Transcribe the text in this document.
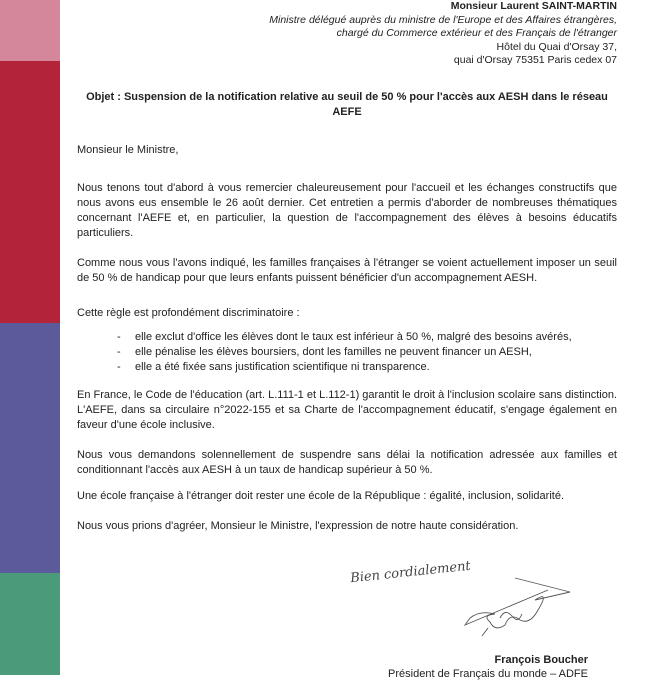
Monsieur Laurent SAINT-MARTIN
Ministre délégué auprès du ministre de l'Europe et des Affaires étrangères,
chargé du Commerce extérieur et des Français de l'étranger
Hôtel du Quai d'Orsay 37,
quai d'Orsay 75351 Paris cedex 07
Objet : Suspension de la notification relative au seuil de 50 % pour l'accès aux AESH dans le réseau AEFE
Monsieur le Ministre,
Nous tenons tout d'abord à vous remercier chaleureusement pour l'accueil et les échanges constructifs que nous avons eus ensemble le 26 août dernier. Cet entretien a permis d'aborder de nombreuses thématiques concernant l'AEFE et, en particulier, la question de l'accompagnement des élèves à besoins éducatifs particuliers.
Comme nous vous l'avons indiqué, les familles françaises à l'étranger se voient actuellement imposer un seuil de 50 % de handicap pour que leurs enfants puissent bénéficier d'un accompagnement AESH.
Cette règle est profondément discriminatoire :
- elle exclut d'office les élèves dont le taux est inférieur à 50 %, malgré des besoins avérés,
- elle pénalise les élèves boursiers, dont les familles ne peuvent financer un AESH,
- elle a été fixée sans justification scientifique ni transparence.
En France, le Code de l'éducation (art. L.111-1 et L.112-1) garantit le droit à l'inclusion scolaire sans distinction. L'AEFE, dans sa circulaire n°2022-155 et sa Charte de l'accompagnement éducatif, s'engage également en faveur d'une école inclusive.
Nous vous demandons solennellement de suspendre sans délai la notification adressée aux familles et conditionnant l'accès aux AESH à un taux de handicap supérieur à 50 %.
Une école française à l'étranger doit rester une école de la République : égalité, inclusion, solidarité.
Nous vous prions d'agréer, Monsieur le Ministre, l'expression de notre haute considération.
Bien cordialement
François Boucher
Président de Français du monde – ADFE
